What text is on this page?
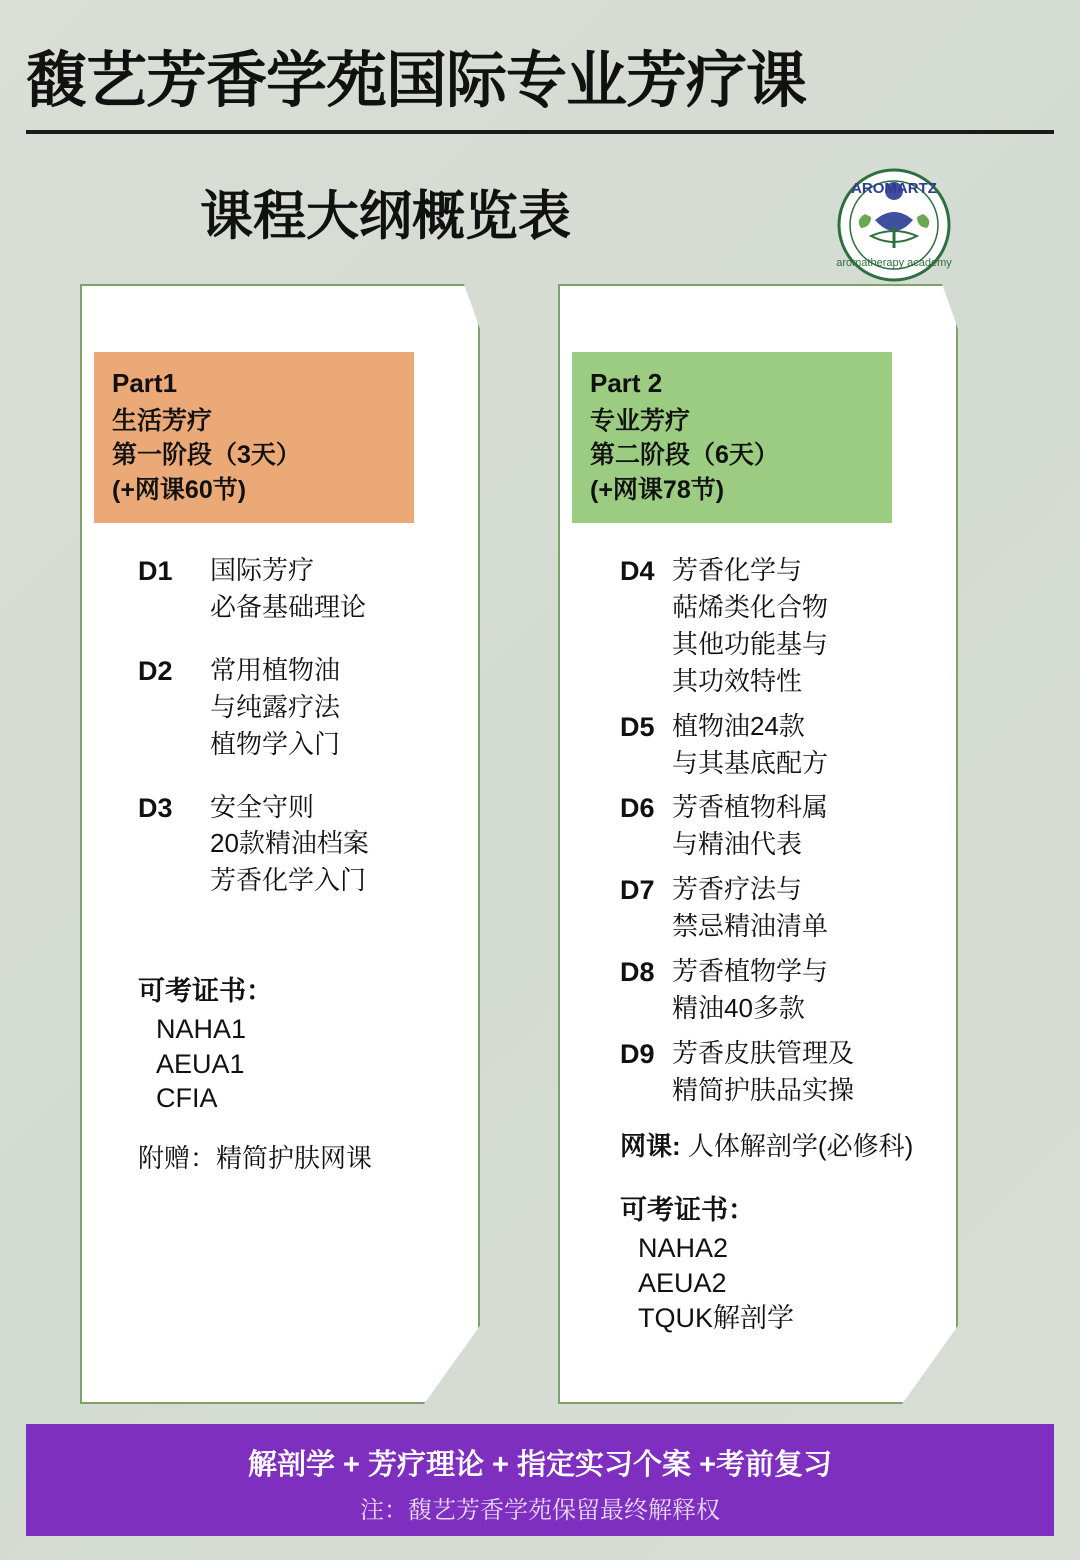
馥艺芳香学苑国际专业芳疗课
课程大纲概览表	AROMARTZ
aromatherapy academy
Part1
生活芳疗
第一阶段（3天）
(+网课60节)
D1	国际芳疗
必备基础理论
D2	常用植物油
与纯露疗法
植物学入门
D3	安全守则
20款精油档案
芳香化学入门
可考证书：
NAHA1
AEUA1
CFIA
附赠：精简护肤网课
Part 2
专业芳疗
第二阶段（6天）
(+网课78节)
D4 芳香化学与
萜烯类化合物
其他功能基与
其功效特性
D5 植物油24款
与其基底配方
D6 芳香植物科属
与精油代表
D7 芳香疗法与
禁忌精油清单
D8 芳香植物学与
精油40多款
D9 芳香皮肤管理及
精简护肤品实操
网课: 人体解剖学(必修科)
可考证书：
NAHA2
AEUA2
TQUK解剖学
解剖学 + 芳疗理论 + 指定实习个案 +考前复习
注：馥艺芳香学苑保留最终解释权
